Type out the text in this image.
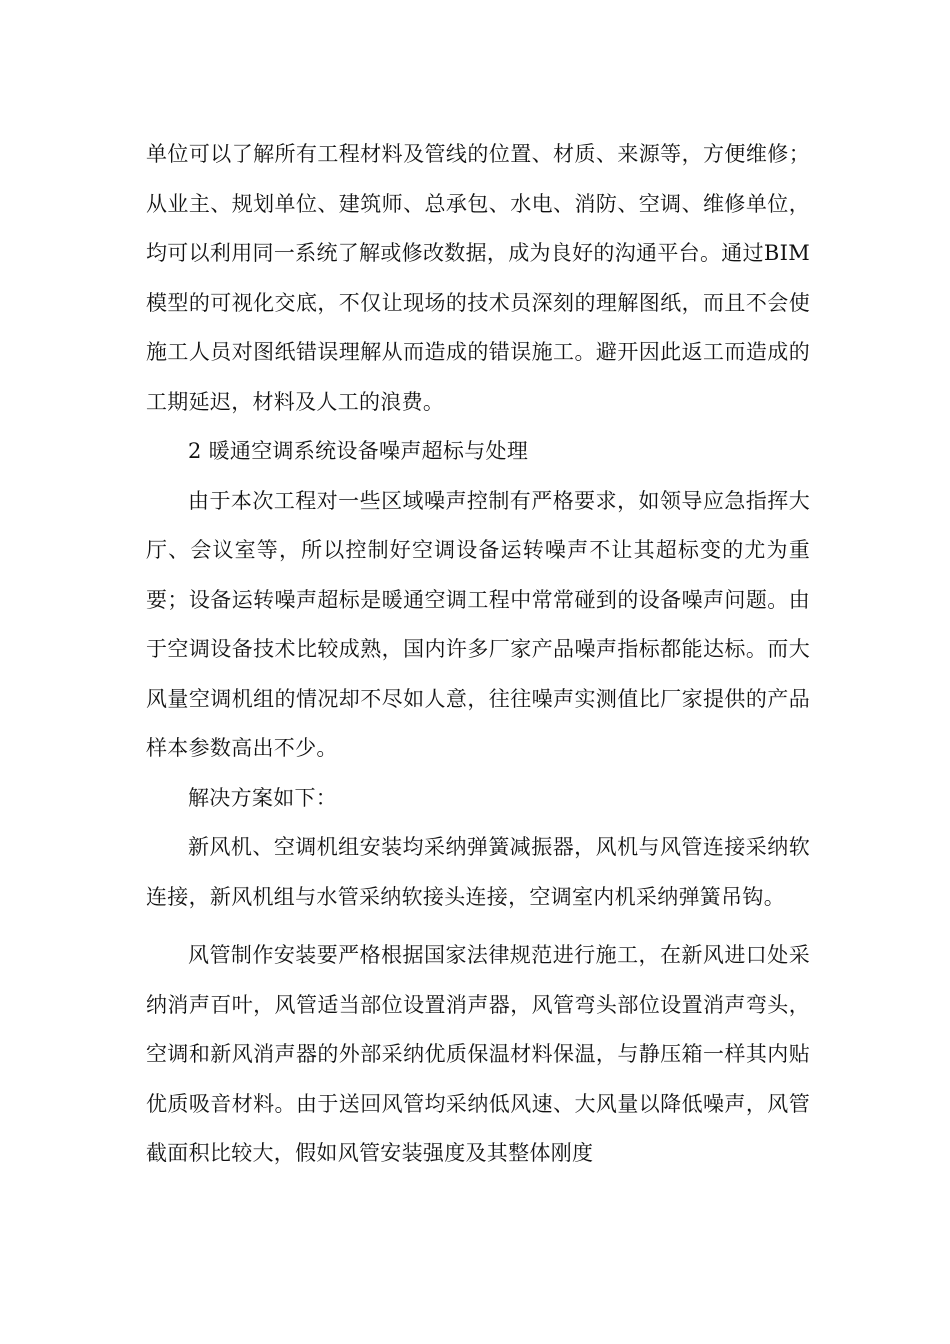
单位可以了解所有工程材料及管线的位置、材质、来源等，方便维修；从业主、规划单位、建筑师、总承包、水电、消防、空调、维修单位，均可以利用同一系统了解或修改数据，成为良好的沟通平台。通过BIM模型的可视化交底，不仅让现场的技术员深刻的理解图纸，而且不会使施工人员对图纸错误理解从而造成的错误施工。避开因此返工而造成的工期延迟，材料及人工的浪费。

2 暖通空调系统设备噪声超标与处理

由于本次工程对一些区域噪声控制有严格要求，如领导应急指挥大厅、会议室等，所以控制好空调设备运转噪声不让其超标变的尤为重要；设备运转噪声超标是暖通空调工程中常常碰到的设备噪声问题。由于空调设备技术比较成熟，国内许多厂家产品噪声指标都能达标。而大风量空调机组的情况却不尽如人意，往往噪声实测值比厂家提供的产品样本参数高出不少。

解决方案如下：

新风机、空调机组安装均采纳弹簧减振器，风机与风管连接采纳软连接，新风机组与水管采纳软接头连接，空调室内机采纳弹簧吊钩。

风管制作安装要严格根据国家法律规范进行施工，在新风进口处采纳消声百叶，风管适当部位设置消声器，风管弯头部位设置消声弯头，空调和新风消声器的外部采纳优质保温材料保温，与静压箱一样其内贴优质吸音材料。由于送回风管均采纳低风速、大风量以降低噪声，风管截面积比较大，假如风管安装强度及其整体刚度
